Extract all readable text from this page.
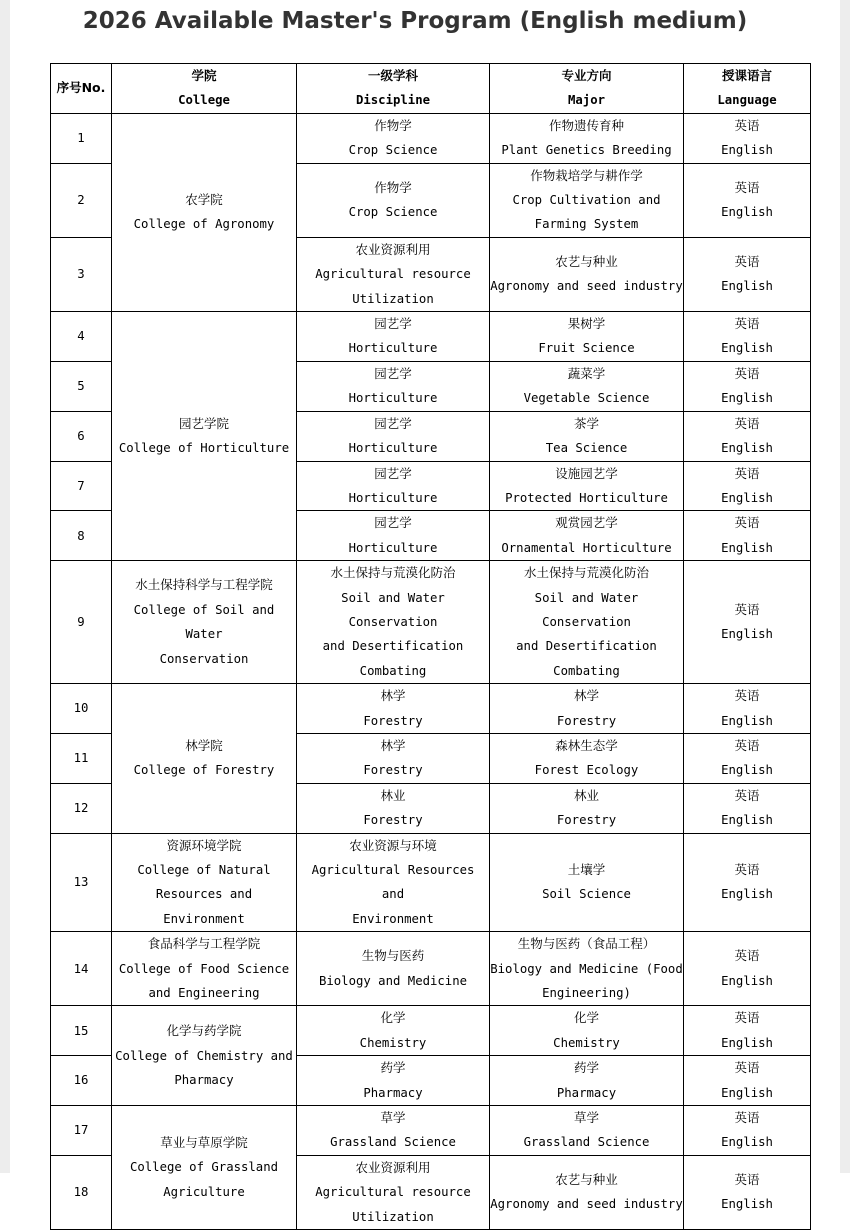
2026 Available Master's Program (English medium)
序号No.	学院
College	一级学科
Discipline	专业方向
Major	授课语言
Language

1	农学院
College of Agronomy	作物学
Crop Science	作物遗传育种
Plant Genetics Breeding	英语
English

2		作物学
Crop Science	作物栽培学与耕作学
Crop Cultivation and
Farming System	英语
English

3		农业资源利用
Agricultural resource
Utilization	农艺与种业
Agronomy and seed industry	英语
English

4	园艺学院
College of Horticulture	园艺学
Horticulture	果树学
Fruit Science	英语
English

5		园艺学
Horticulture	蔬菜学
Vegetable Science	英语
English

6		园艺学
Horticulture	茶学
Tea Science	英语
English

7		园艺学
Horticulture	设施园艺学
Protected Horticulture	英语
English

8		园艺学
Horticulture	观赏园艺学
Ornamental Horticulture	英语
English

9	水土保持科学与工程学院
College of Soil and Water
Conservation	水土保持与荒漠化防治
Soil and Water Conservation
and Desertification
Combating	水土保持与荒漠化防治
Soil and Water Conservation
and Desertification
Combating	英语
English

10	林学院
College of Forestry	林学
Forestry	林学
Forestry	英语
English

11		林学
Forestry	森林生态学
Forest Ecology	英语
English

12		林业
Forestry	林业
Forestry	英语
English

13	资源环境学院
College of Natural
Resources and Environment	农业资源与环境
Agricultural Resources and
Environment	土壤学
Soil Science	英语
English

14	食品科学与工程学院
College of Food Science
and Engineering	生物与医药
Biology and Medicine	生物与医药（食品工程）
Biology and Medicine (Food
Engineering)	英语
English

15	化学与药学院
College of Chemistry and
Pharmacy	化学
Chemistry	化学
Chemistry	英语
English

16		药学
Pharmacy	药学
Pharmacy	英语
English

17	草业与草原学院
College of Grassland
Agriculture	草学
Grassland Science	草学
Grassland Science	英语
English

18		农业资源利用
Agricultural resource
Utilization	农艺与种业
Agronomy and seed industry	英语
English
